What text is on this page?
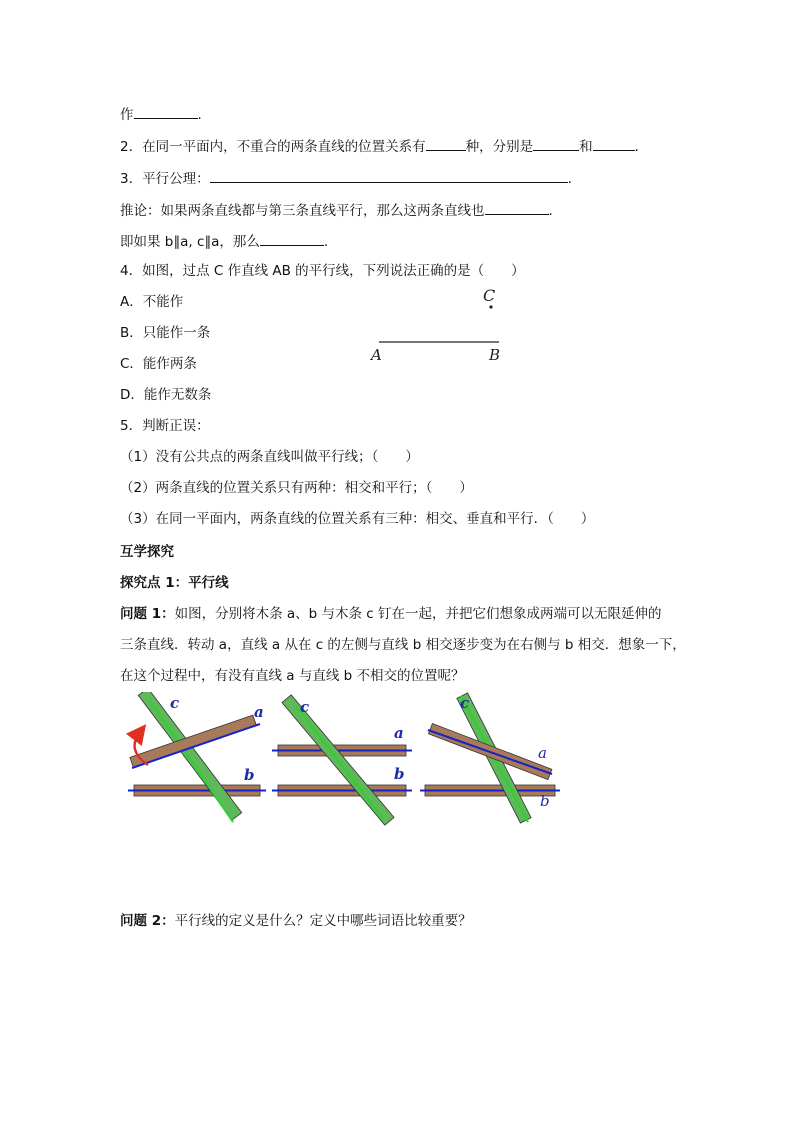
作	.
2．在同一平面内，不重合的两条直线的位置关系有	种，分别是	和	.
3．平行公理：	.
推论：如果两条直线都与第三条直线平行，那么这两条直线也	.
即如果 b∥a, c∥a，那么	.
4．如图，过点 C 作直线 AB 的平行线，下列说法正确的是（　　）
A．不能作
B．只能作一条
C．能作两条
D．能作无数条
C
A	B
5．判断正误：
（1）没有公共点的两条直线叫做平行线；（　　）
（2）两条直线的位置关系只有两种：相交和平行；（　　）
（3）在同一平面内，两条直线的位置关系有三种：相交、垂直和平行．（　　）
互学探究
探究点 1：平行线
问题 1：如图，分别将木条 a、b 与木条 c 钉在一起，并把它们想象成两端可以无限延伸的
三条直线．转动 a，直线 a 从在 c 的左侧与直线 b 相交逐步变为在右侧与 b 相交．想象一下，
在这个过程中，有没有直线 a 与直线 b 不相交的位置呢？
c	a
b
c
a
b
c
a
b
问题 2：平行线的定义是什么？定义中哪些词语比较重要？
